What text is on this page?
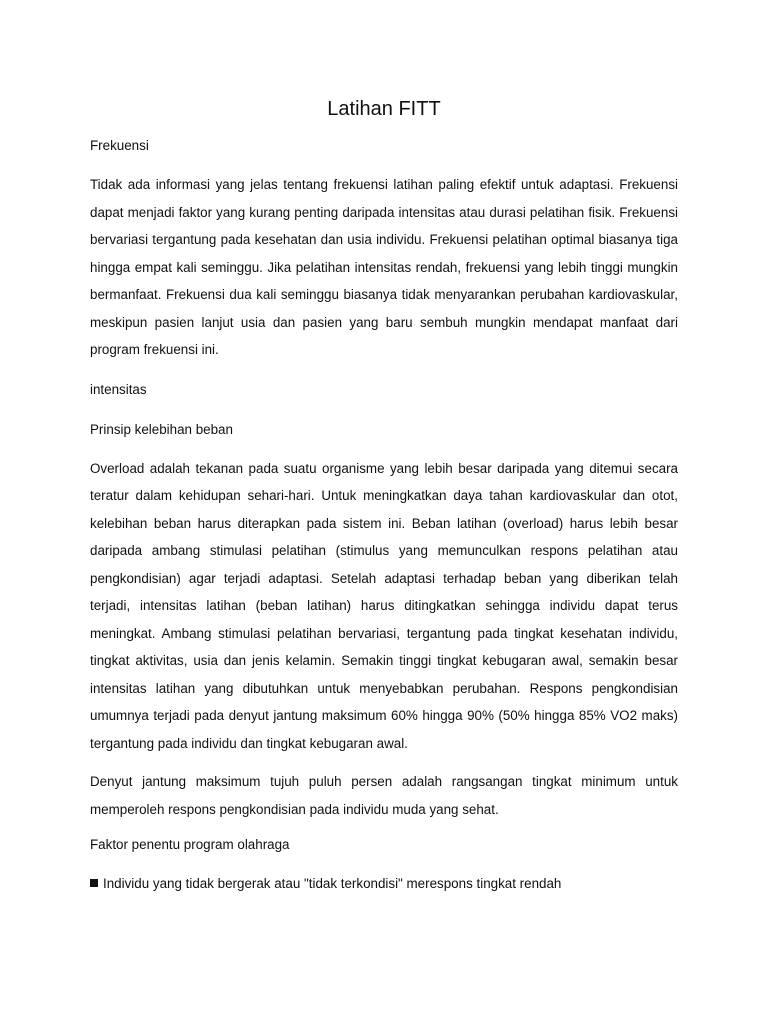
Latihan FITT

Frekuensi

Tidak ada informasi yang jelas tentang frekuensi latihan paling efektif untuk adaptasi. Frekuensi dapat menjadi faktor yang kurang penting daripada intensitas atau durasi pelatihan fisik. Frekuensi bervariasi tergantung pada kesehatan dan usia individu. Frekuensi pelatihan optimal biasanya tiga hingga empat kali seminggu. Jika pelatihan intensitas rendah, frekuensi yang lebih tinggi mungkin bermanfaat. Frekuensi dua kali seminggu biasanya tidak menyarankan perubahan kardiovaskular, meskipun pasien lanjut usia dan pasien yang baru sembuh mungkin mendapat manfaat dari program frekuensi ini.

intensitas

Prinsip kelebihan beban

Overload adalah tekanan pada suatu organisme yang lebih besar daripada yang ditemui secara teratur dalam kehidupan sehari-hari. Untuk meningkatkan daya tahan kardiovaskular dan otot, kelebihan beban harus diterapkan pada sistem ini. Beban latihan (overload) harus lebih besar daripada ambang stimulasi pelatihan (stimulus yang memunculkan respons pelatihan atau pengkondisian) agar terjadi adaptasi. Setelah adaptasi terhadap beban yang diberikan telah terjadi, intensitas latihan (beban latihan) harus ditingkatkan sehingga individu dapat terus meningkat. Ambang stimulasi pelatihan bervariasi, tergantung pada tingkat kesehatan individu, tingkat aktivitas, usia dan jenis kelamin. Semakin tinggi tingkat kebugaran awal, semakin besar intensitas latihan yang dibutuhkan untuk menyebabkan perubahan. Respons pengkondisian umumnya terjadi pada denyut jantung maksimum 60% hingga 90% (50% hingga 85% VO2 maks) tergantung pada individu dan tingkat kebugaran awal.

Denyut jantung maksimum tujuh puluh persen adalah rangsangan tingkat minimum untuk memperoleh respons pengkondisian pada individu muda yang sehat.

Faktor penentu program olahraga

Individu yang tidak bergerak atau "tidak terkondisi" merespons tingkat rendah
